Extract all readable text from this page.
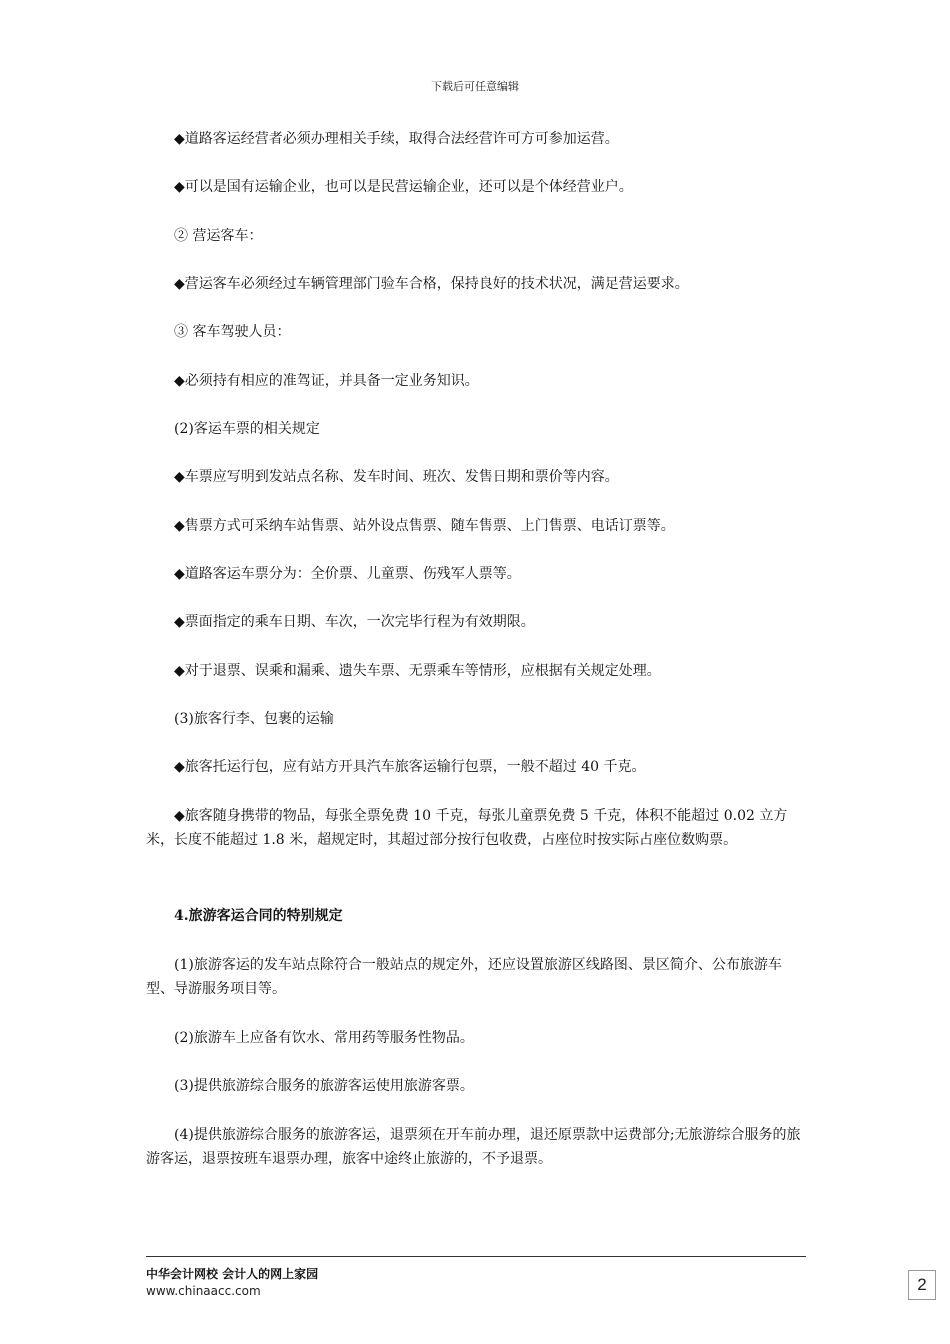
下载后可任意编辑

◆道路客运经营者必须办理相关手续，取得合法经营许可方可参加运营。

◆可以是国有运输企业，也可以是民营运输企业，还可以是个体经营业户。

② 营运客车：

◆营运客车必须经过车辆管理部门验车合格，保持良好的技术状况，满足营运要求。

③ 客车驾驶人员：

◆必须持有相应的准驾证，并具备一定业务知识。

(2)客运车票的相关规定

◆车票应写明到发站点名称、发车时间、班次、发售日期和票价等内容。

◆售票方式可采纳车站售票、站外设点售票、随车售票、上门售票、电话订票等。

◆道路客运车票分为：全价票、儿童票、伤残军人票等。

◆票面指定的乘车日期、车次，一次完毕行程为有效期限。

◆对于退票、误乘和漏乘、遗失车票、无票乘车等情形，应根据有关规定处理。

(3)旅客行李、包裹的运输

◆旅客托运行包，应有站方开具汽车旅客运输行包票，一般不超过 40 千克。

◆旅客随身携带的物品，每张全票免费 10 千克，每张儿童票免费 5 千克，体积不能超过 0.02 立方米，长度不能超过 1.8 米，超规定时，其超过部分按行包收费，占座位时按实际占座位数购票。

4.旅游客运合同的特别规定

(1)旅游客运的发车站点除符合一般站点的规定外，还应设置旅游区线路图、景区简介、公布旅游车型、导游服务项目等。

(2)旅游车上应备有饮水、常用药等服务性物品。

(3)提供旅游综合服务的旅游客运使用旅游客票。

(4)提供旅游综合服务的旅游客运，退票须在开车前办理，退还原票款中运费部分;无旅游综合服务的旅游客运，退票按班车退票办理，旅客中途终止旅游的，不予退票。

中华会计网校 会计人的网上家园
www.chinaacc.com	2
